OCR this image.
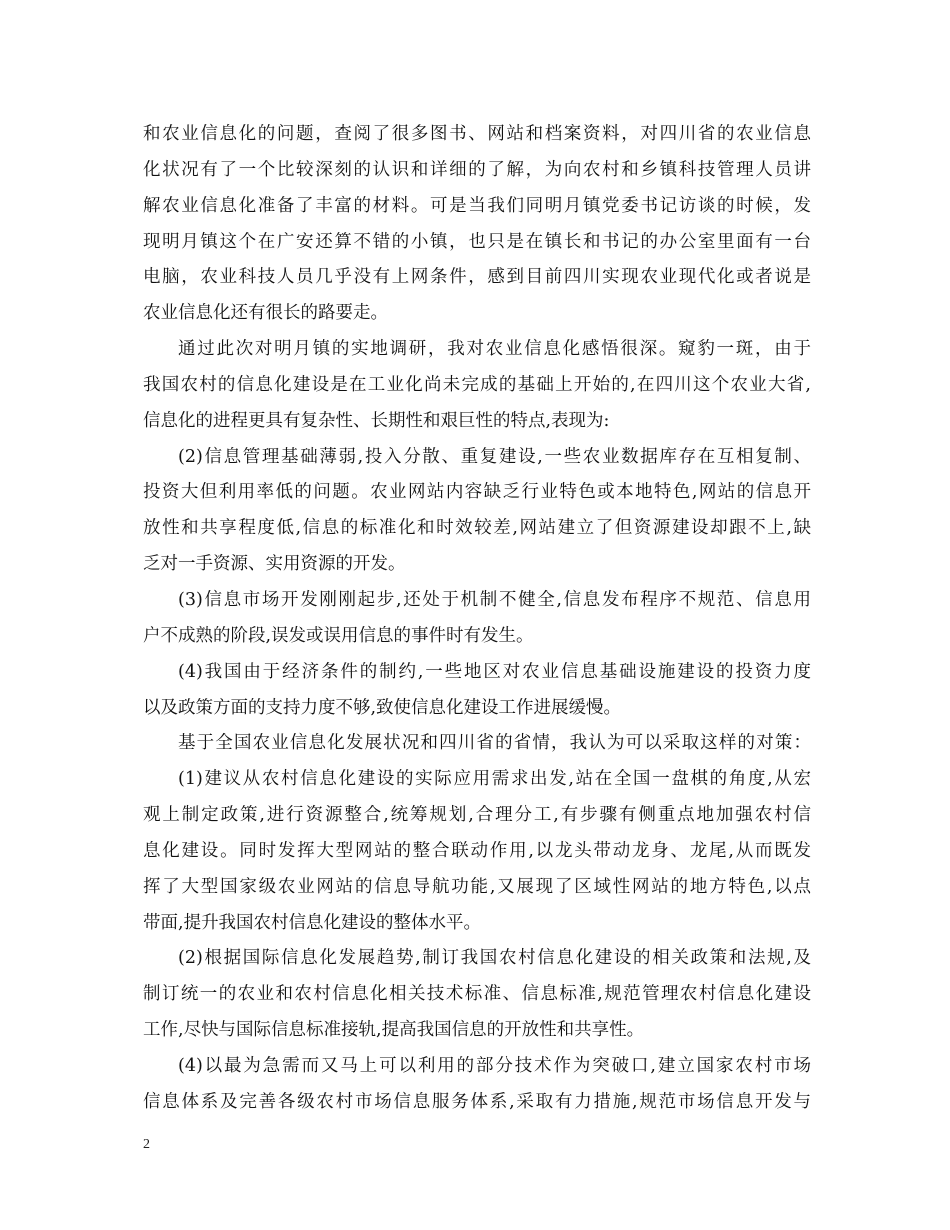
和农业信息化的问题，查阅了很多图书、网站和档案资料，对四川省的农业信息
化状况有了一个比较深刻的认识和详细的了解，为向农村和乡镇科技管理人员讲
解农业信息化准备了丰富的材料。可是当我们同明月镇党委书记访谈的时候，发
现明月镇这个在广安还算不错的小镇，也只是在镇长和书记的办公室里面有一台
电脑，农业科技人员几乎没有上网条件，感到目前四川实现农业现代化或者说是
农业信息化还有很长的路要走。
通过此次对明月镇的实地调研，我对农业信息化感悟很深。窥豹一斑，由于
我国农村的信息化建设是在工业化尚未完成的基础上开始的,在四川这个农业大省,
信息化的进程更具有复杂性、长期性和艰巨性的特点,表现为:
(2)信息管理基础薄弱,投入分散、重复建设,一些农业数据库存在互相复制、
投资大但利用率低的问题。农业网站内容缺乏行业特色或本地特色,网站的信息开
放性和共享程度低,信息的标准化和时效较差,网站建立了但资源建设却跟不上,缺
乏对一手资源、实用资源的开发。
(3)信息市场开发刚刚起步,还处于机制不健全,信息发布程序不规范、信息用
户不成熟的阶段,误发或误用信息的事件时有发生。
(4)我国由于经济条件的制约,一些地区对农业信息基础设施建设的投资力度
以及政策方面的支持力度不够,致使信息化建设工作进展缓慢。
基于全国农业信息化发展状况和四川省的省情，我认为可以采取这样的对策：
(1)建议从农村信息化建设的实际应用需求出发,站在全国一盘棋的角度,从宏
观上制定政策,进行资源整合,统筹规划,合理分工,有步骤有侧重点地加强农村信
息化建设。同时发挥大型网站的整合联动作用,以龙头带动龙身、龙尾,从而既发
挥了大型国家级农业网站的信息导航功能,又展现了区域性网站的地方特色,以点
带面,提升我国农村信息化建设的整体水平。
(2)根据国际信息化发展趋势,制订我国农村信息化建设的相关政策和法规,及
制订统一的农业和农村信息化相关技术标准、信息标准,规范管理农村信息化建设
工作,尽快与国际信息标准接轨,提高我国信息的开放性和共享性。
(4)以最为急需而又马上可以利用的部分技术作为突破口,建立国家农村市场
信息体系及完善各级农村市场信息服务体系,采取有力措施,规范市场信息开发与
2
